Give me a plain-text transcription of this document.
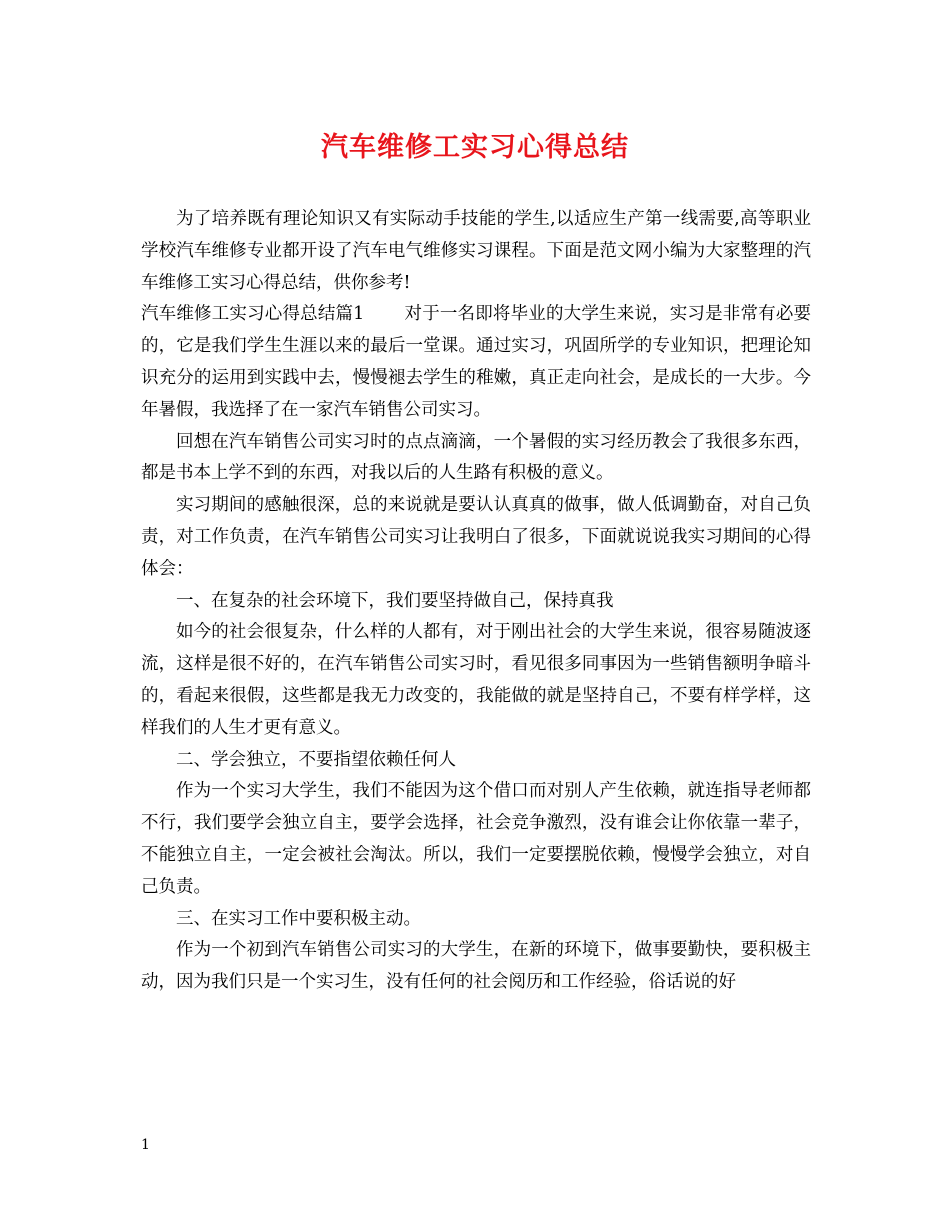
汽车维修工实习心得总结

为了培养既有理论知识又有实际动手技能的学生,以适应生产第一线需要,高等职业学校汽车维修专业都开设了汽车电气维修实习课程。下面是范文网小编为大家整理的汽车维修工实习心得总结，供你参考!

汽车维修工实习心得总结篇1 对于一名即将毕业的大学生来说，实习是非常有必要的，它是我们学生生涯以来的最后一堂课。通过实习，巩固所学的专业知识，把理论知识充分的运用到实践中去，慢慢褪去学生的稚嫩，真正走向社会，是成长的一大步。今年暑假，我选择了在一家汽车销售公司实习。

回想在汽车销售公司实习时的点点滴滴，一个暑假的实习经历教会了我很多东西，都是书本上学不到的东西，对我以后的人生路有积极的意义。

实习期间的感触很深，总的来说就是要认认真真的做事，做人低调勤奋，对自己负责，对工作负责，在汽车销售公司实习让我明白了很多，下面就说说我实习期间的心得体会：

一、在复杂的社会环境下，我们要坚持做自己，保持真我

如今的社会很复杂，什么样的人都有，对于刚出社会的大学生来说，很容易随波逐流，这样是很不好的，在汽车销售公司实习时，看见很多同事因为一些销售额明争暗斗的，看起来很假，这些都是我无力改变的，我能做的就是坚持自己，不要有样学样，这样我们的人生才更有意义。

二、学会独立，不要指望依赖任何人

作为一个实习大学生，我们不能因为这个借口而对别人产生依赖，就连指导老师都不行，我们要学会独立自主，要学会选择，社会竞争激烈，没有谁会让你依靠一辈子，不能独立自主，一定会被社会淘汰。所以，我们一定要摆脱依赖，慢慢学会独立，对自己负责。

三、在实习工作中要积极主动。

作为一个初到汽车销售公司实习的大学生，在新的环境下，做事要勤快，要积极主动，因为我们只是一个实习生，没有任何的社会阅历和工作经验，俗话说的好

1
